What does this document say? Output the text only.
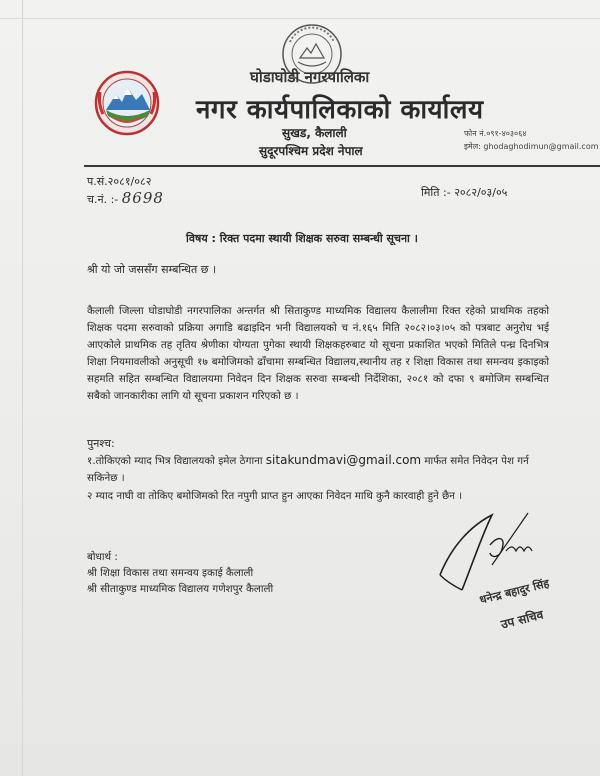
घोडाघोडी नगरपालिका
नगर कार्यपालिकाको कार्यालय
सुखड, कैलाली
सुदूरपश्चिम प्रदेश नेपाल
फोन नं.०९१-४०३०६४
इमेल: ghodaghodimun@gmail.com
प.सं.२०८१/०८२
च.नं. :- 8698	मिति :- २०८२/०३/०५
विषय : रिक्त पदमा स्थायी शिक्षक सरुवा सम्बन्धी सूचना ।
श्री यो जो जससँग सम्बन्धित छ ।
कैलाली जिल्ला घोडाघोडी नगरपालिका अन्तर्गत श्री सिताकुण्ड माध्यमिक विद्यालय कैलालीमा रिक्त रहेको प्राथमिक तहको शिक्षक पदमा सरुवाको प्रक्रिया अगाडि बढाइदिन भनी विद्यालयको च नं.१६५ मिति २०८२।०३।०५ को पत्रबाट अनुरोध भई आएकोले प्राथमिक तह तृतिय श्रेणीका योग्यता पुगेका स्थायी शिक्षकहरुबाट यो सूचना प्रकाशित भएको मितिले पन्ध्र दिनभित्र शिक्षा नियमावलीको अनुसूची १७ बमोजिमको ढाँचामा सम्बन्धित विद्यालय,स्थानीय तह र शिक्षा विकास तथा समन्वय इकाइको सहमति सहित सम्बन्धित विद्यालयमा निवेदन दिन शिक्षक सरुवा सम्बन्धी निर्देशिका, २०८१ को दफा ९ बमोजिम सम्बन्धित सबैको जानकारीका लागि यो सूचना प्रकाशन गरिएको छ ।
पुनश्च:
१.तोकिएको म्याद भित्र विद्यालयको इमेल ठेगाना sitakundmavi@gmail.com मार्फत समेत निवेदन पेश गर्न सकिनेछ ।
२ म्याद नाघी वा तोकिए बमोजिमको रित नपुगी प्राप्त हुन आएका निवेदन माथि कुनै कारवाही हुने छैन ।
बोधार्थ :
श्री शिक्षा विकास तथा समन्वय इकाई कैलाली
श्री सीताकुण्ड माध्यमिक विद्यालय गणेशपुर कैलाली	धनेन्द्र बहादुर सिंह
उप सचिव
